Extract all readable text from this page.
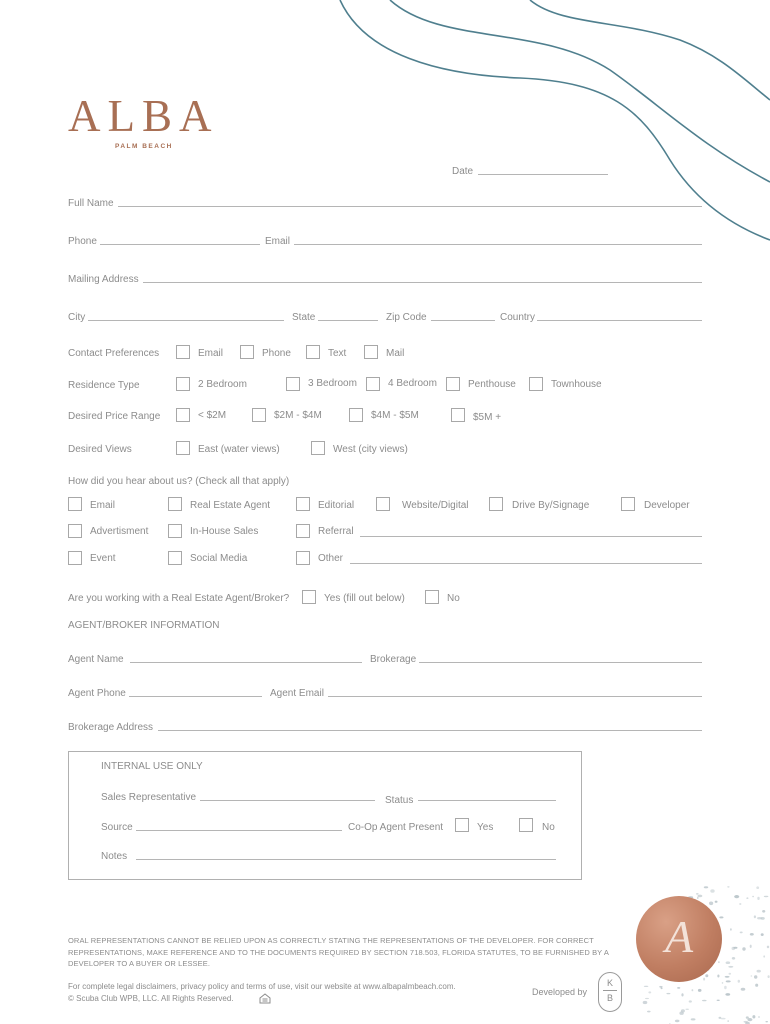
ALBA
PALM BEACH
Date
Full Name
Phone	Email
Mailing Address
City	State	Zip Code	Country
Contact Preferences	Email	Phone	Text	Mail
Residence Type	2 Bedroom	3 Bedroom	4 Bedroom	Penthouse	Townhouse
Desired Price Range	< $2M	$2M - $4M	$4M - $5M	$5M +
Desired Views	East (water views)	West (city views)
How did you hear about us? (Check all that apply)
Email	Real Estate Agent	Editorial	Website/Digital	Drive By/Signage	Developer
Advertisment	In-House Sales	Referral
Event	Social Media	Other
Are you working with a Real Estate Agent/Broker?	Yes (fill out below)	No
AGENT/BROKER INFORMATION
Agent Name	Brokerage
Agent Phone	Agent Email
Brokerage Address
INTERNAL USE ONLY
Sales Representative	Status
Source	Co-Op Agent Present	Yes	No
Notes
ORAL REPRESENTATIONS CANNOT BE RELIED UPON AS CORRECTLY STATING THE REPRESENTATIONS OF THE DEVELOPER. FOR CORRECT REPRESENTATIONS, MAKE REFERENCE AND TO THE DOCUMENTS REQUIRED BY SECTION 718.503, FLORIDA STATUTES, TO BE FURNISHED BY A DEVELOPER TO A BUYER OR LESSEE.
For complete legal disclaimers, privacy policy and terms of use, visit our website at www.albapalmbeach.com.
© Scuba Club WPB, LLC. All Rights Reserved.
Developed by
K
B
A
